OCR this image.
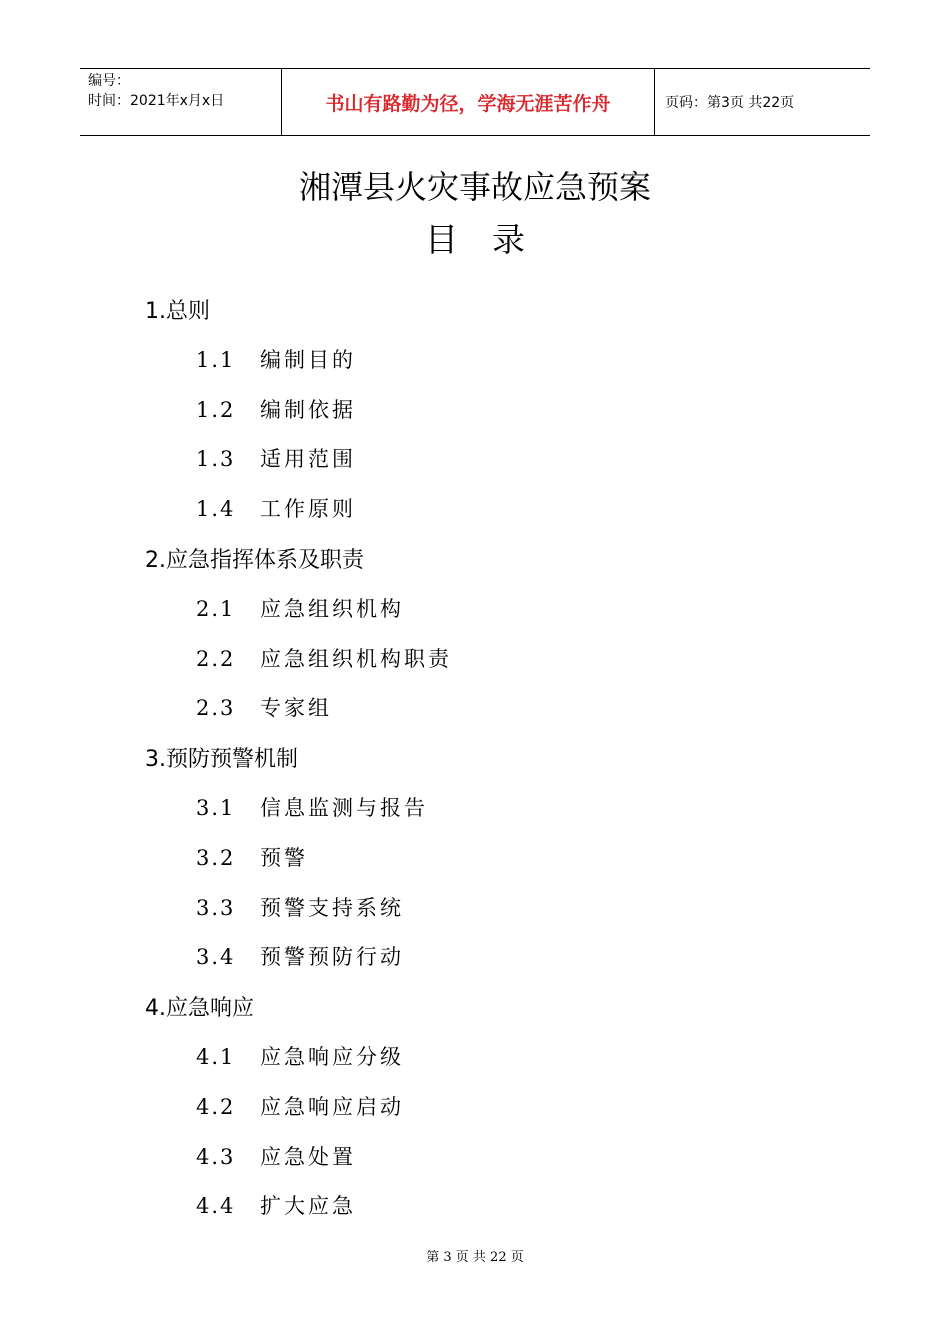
编号：
时间：2021年x月x日	书山有路勤为径，学海无涯苦作舟	页码：第3页 共22页
湘潭县火灾事故应急预案
目录
1.总则
1.1 编制目的
1.2 编制依据
1.3 适用范围
1.4 工作原则
2.应急指挥体系及职责
2.1 应急组织机构
2.2 应急组织机构职责
2.3 专家组
3.预防预警机制
3.1 信息监测与报告
3.2 预警
3.3 预警支持系统
3.4 预警预防行动
4.应急响应
4.1 应急响应分级
4.2 应急响应启动
4.3 应急处置
4.4 扩大应急
第 3 页 共 22 页
